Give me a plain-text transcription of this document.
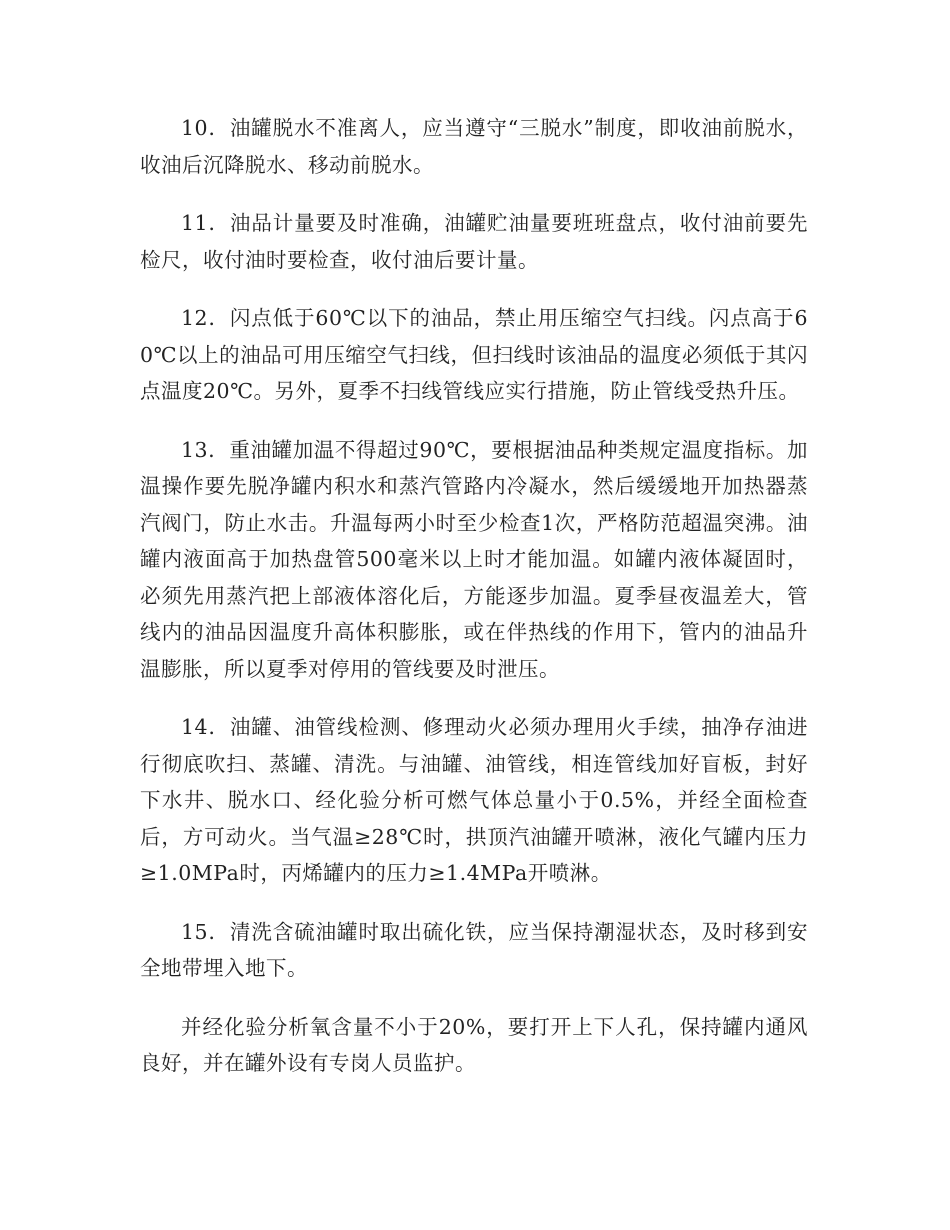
10．油罐脱水不准离人，应当遵守“三脱水”制度，即收油前脱水，收油后沉降脱水、移动前脱水。

11．油品计量要及时准确，油罐贮油量要班班盘点，收付油前要先检尺，收付油时要检查，收付油后要计量。

12．闪点低于60℃以下的油品，禁止用压缩空气扫线。闪点高于60℃以上的油品可用压缩空气扫线，但扫线时该油品的温度必须低于其闪点温度20℃。另外，夏季不扫线管线应实行措施，防止管线受热升压。

13．重油罐加温不得超过90℃，要根据油品种类规定温度指标。加温操作要先脱净罐内积水和蒸汽管路内冷凝水，然后缓缓地开加热器蒸汽阀门，防止水击。升温每两小时至少检查1次，严格防范超温突沸。油罐内液面高于加热盘管500毫米以上时才能加温。如罐内液体凝固时，必须先用蒸汽把上部液体溶化后，方能逐步加温。夏季昼夜温差大，管线内的油品因温度升高体积膨胀，或在伴热线的作用下，管内的油品升温膨胀，所以夏季对停用的管线要及时泄压。

14．油罐、油管线检测、修理动火必须办理用火手续，抽净存油进行彻底吹扫、蒸罐、清洗。与油罐、油管线，相连管线加好盲板，封好下水井、脱水口、经化验分析可燃气体总量小于0.5%，并经全面检查后，方可动火。当气温≥28℃时，拱顶汽油罐开喷淋，液化气罐内压力≥1.0MPa时，丙烯罐内的压力≥1.4MPa开喷淋。

15．清洗含硫油罐时取出硫化铁，应当保持潮湿状态，及时移到安全地带埋入地下。

并经化验分析氧含量不小于20%，要打开上下人孔，保持罐内通风良好，并在罐外设有专岗人员监护。
